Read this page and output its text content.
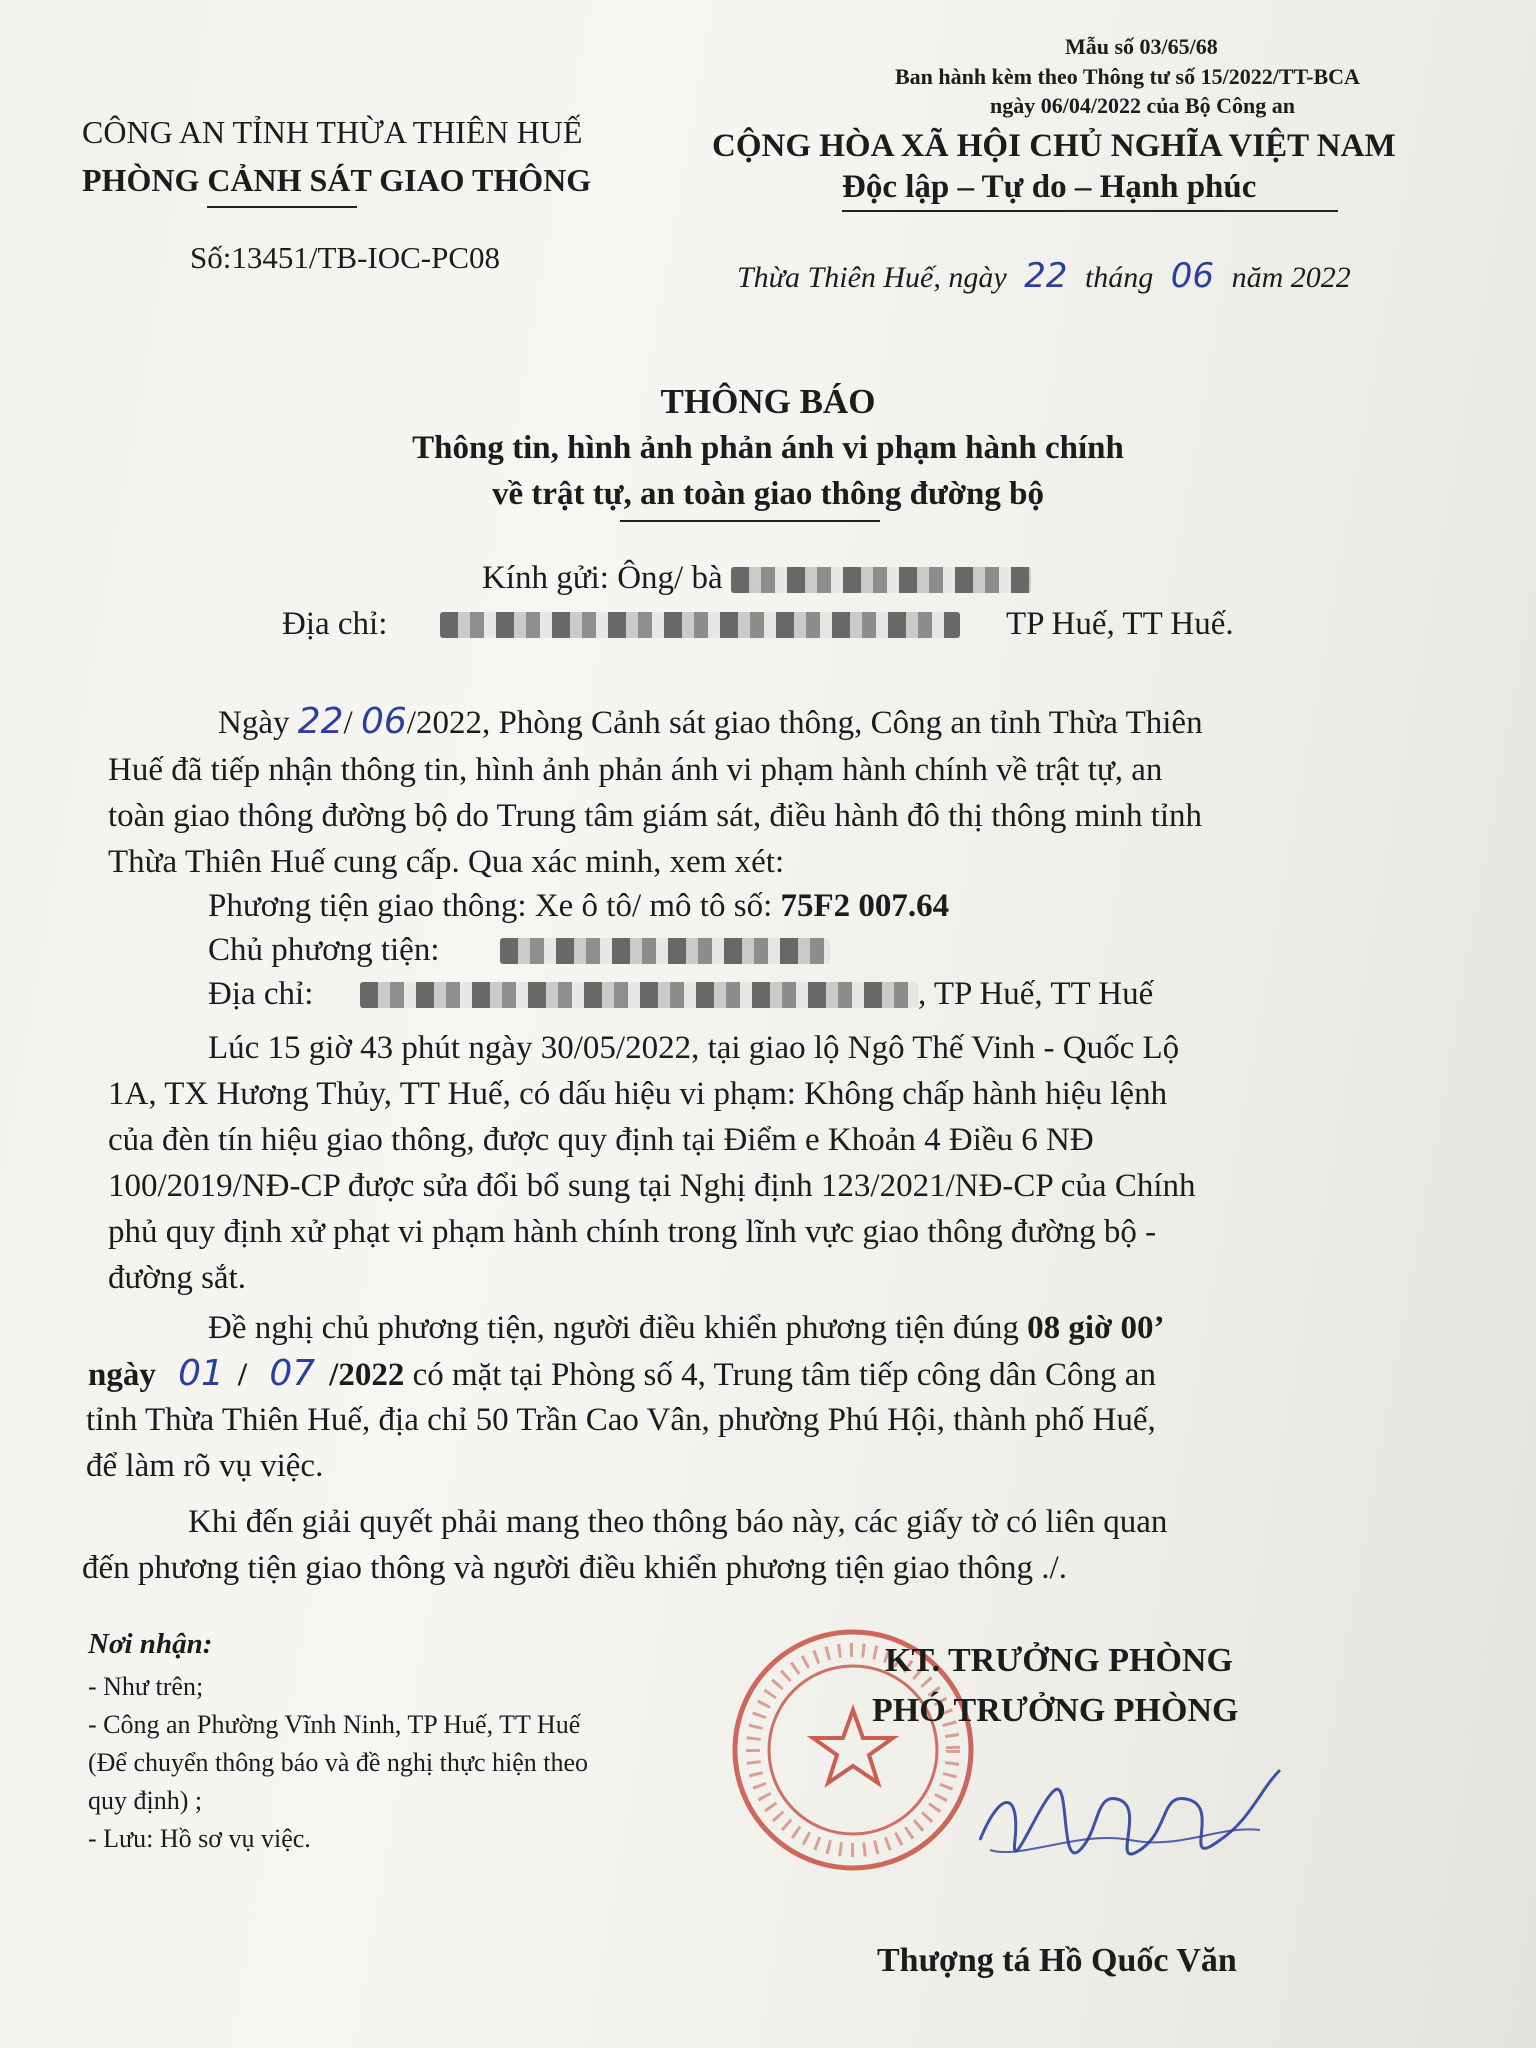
Mẫu số 03/65/68
Ban hành kèm theo Thông tư số 15/2022/TT-BCA
ngày 06/04/2022 của Bộ Công an
CÔNG AN TỈNH THỪA THIÊN HUẾ
PHÒNG CẢNH SÁT GIAO THÔNG
Số:13451/TB-IOC-PC08
CỘNG HÒA XÃ HỘI CHỦ NGHĨA VIỆT NAM
Độc lập – Tự do – Hạnh phúc
Thừa Thiên Huế, ngày 22 tháng 06 năm 2022
THÔNG BÁO
Thông tin, hình ảnh phản ánh vi phạm hành chính
về trật tự, an toàn giao thông đường bộ
Kính gửi: Ông/ bà
Địa chỉ:	TP Huế, TT Huế.
Ngày 22/ 06/2022, Phòng Cảnh sát giao thông, Công an tỉnh Thừa Thiên
Huế đã tiếp nhận thông tin, hình ảnh phản ánh vi phạm hành chính về trật tự, an
toàn giao thông đường bộ do Trung tâm giám sát, điều hành đô thị thông minh tỉnh
Thừa Thiên Huế cung cấp. Qua xác minh, xem xét:
Phương tiện giao thông: Xe ô tô/ mô tô số: 75F2 007.64
Chủ phương tiện:
Địa chỉ:	, TP Huế, TT Huế
Lúc 15 giờ 43 phút ngày 30/05/2022, tại giao lộ Ngô Thế Vinh - Quốc Lộ
1A, TX Hương Thủy, TT Huế, có dấu hiệu vi phạm: Không chấp hành hiệu lệnh
của đèn tín hiệu giao thông, được quy định tại Điểm e Khoản 4 Điều 6 NĐ
100/2019/NĐ-CP được sửa đổi bổ sung tại Nghị định 123/2021/NĐ-CP của Chính
phủ quy định xử phạt vi phạm hành chính trong lĩnh vực giao thông đường bộ -
đường sắt.
Đề nghị chủ phương tiện, người điều khiển phương tiện đúng 08 giờ 00’
ngày 01 / 07 /2022 có mặt tại Phòng số 4, Trung tâm tiếp công dân Công an
tỉnh Thừa Thiên Huế, địa chỉ 50 Trần Cao Vân, phường Phú Hội, thành phố Huế,
để làm rõ vụ việc.
Khi đến giải quyết phải mang theo thông báo này, các giấy tờ có liên quan
đến phương tiện giao thông và người điều khiển phương tiện giao thông ./.
Nơi nhận:
- Như trên;
- Công an Phường Vĩnh Ninh, TP Huế, TT Huế
(Để chuyển thông báo và đề nghị thực hiện theo
quy định) ;
- Lưu: Hồ sơ vụ việc.
KT. TRƯỞNG PHÒNG
PHÓ TRƯỞNG PHÒNG
Thượng tá Hồ Quốc Văn
